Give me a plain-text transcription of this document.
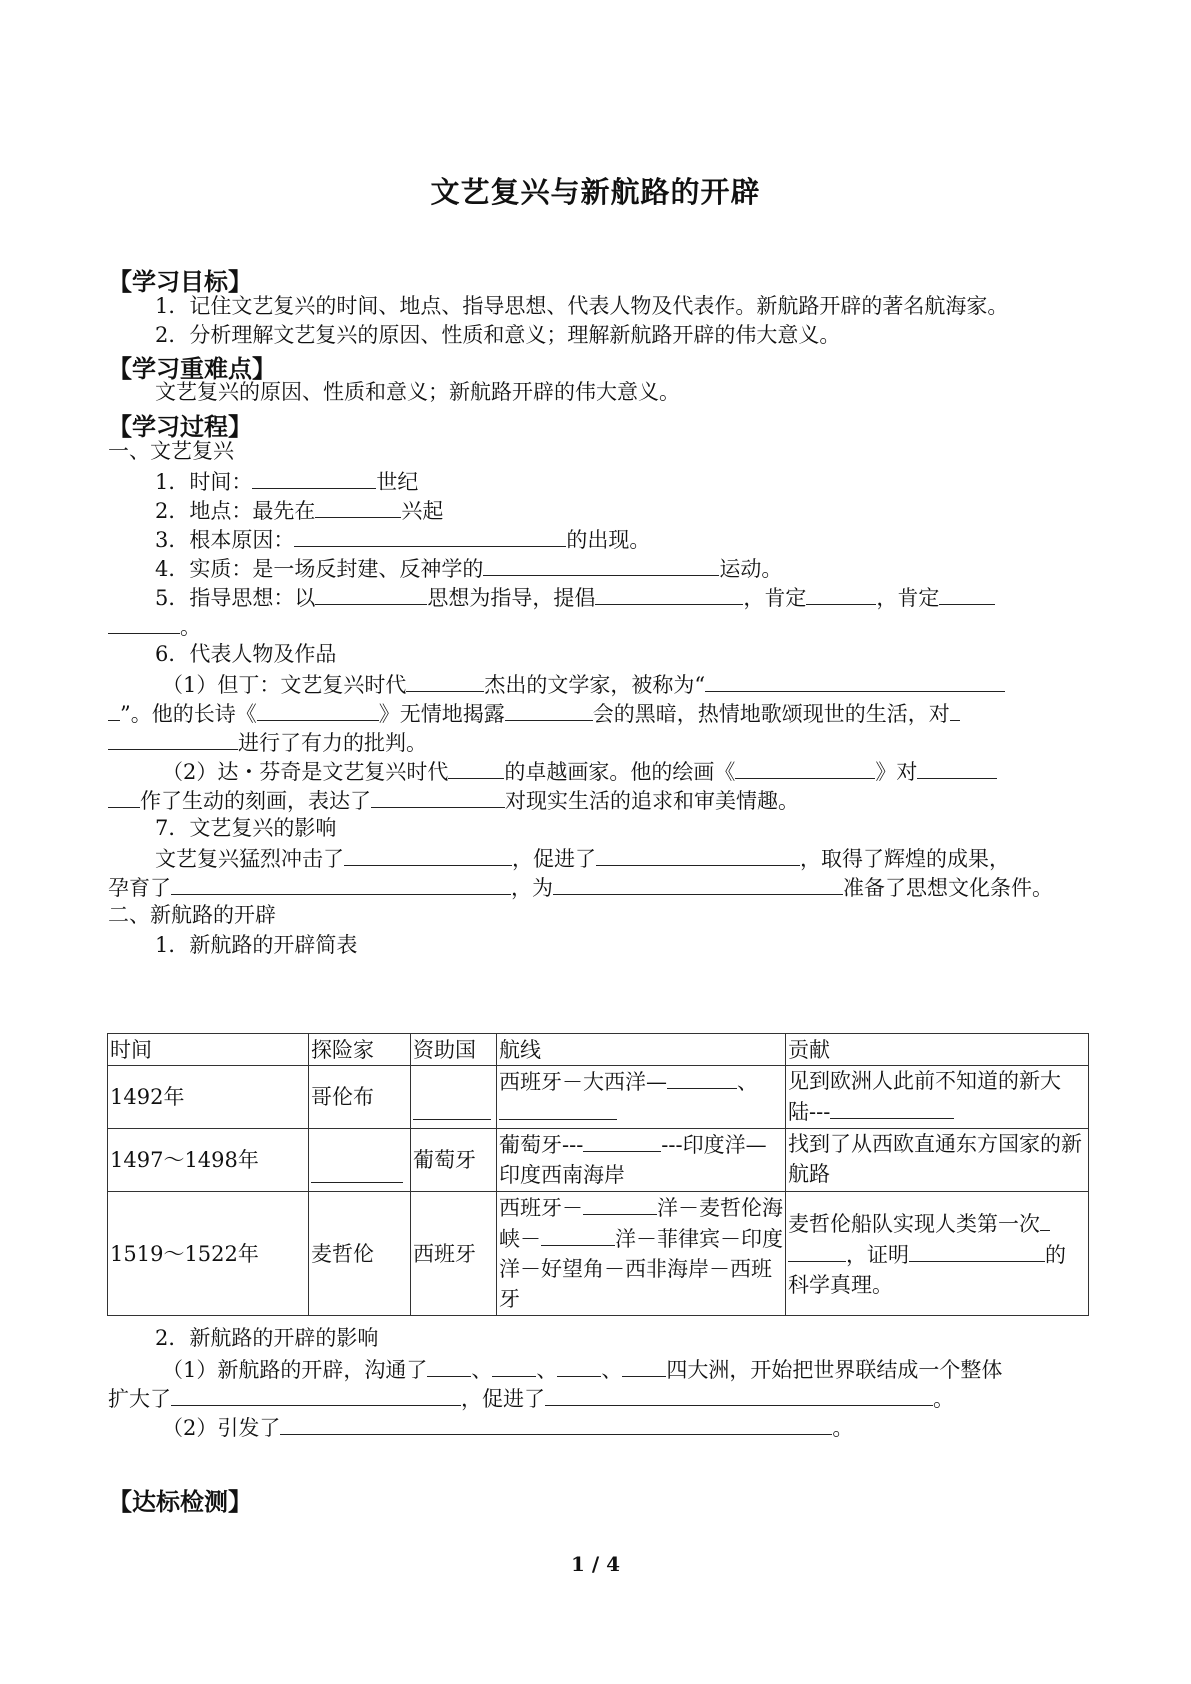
文艺复兴与新航路的开辟
【学习目标】
1．记住文艺复兴的时间、地点、指导思想、代表人物及代表作。新航路开辟的著名航海家。
2．分析理解文艺复兴的原因、性质和意义；理解新航路开辟的伟大意义。
【学习重难点】
文艺复兴的原因、性质和意义；新航路开辟的伟大意义。
【学习过程】
一、文艺复兴
1．时间：	世纪
2．地点：最先在	兴起
3．根本原因：	的出现。
4．实质：是一场反封建、反神学的	运动。
5．指导思想：以	思想为指导，提倡	，肯定	，肯定
。
6．代表人物及作品
（1）但丁：文艺复兴时代	杰出的文学家，被称为“
”。他的长诗《	》无情地揭露	会的黑暗，热情地歌颂现世的生活，对
进行了有力的批判。
（2）达・芬奇是文艺复兴时代	的卓越画家。他的绘画《	》对
作了生动的刻画，表达了	对现实生活的追求和审美情趣。
7．文艺复兴的影响
文艺复兴猛烈冲击了	，促进了	，取得了辉煌的成果，
孕育了	，为	准备了思想文化条件。
二、新航路的开辟
1．新航路的开辟简表
时间	探险家	资助国	航线	贡献
1492年	哥伦布		西班牙－大西洋— 、	见到欧洲人此前不知道的新大陆---
1497～1498年		葡萄牙	葡萄牙--- ---印度洋—印度西南海岸	找到了从西欧直通东方国家的新航路
1519～1522年	麦哲伦	西班牙	西班牙－ 洋－麦哲伦海峡－ 洋－菲律宾－印度洋－好望角－西非海岸－西班牙	麦哲伦船队实现人类第一次，证明 的科学真理。
2．新航路的开辟的影响
（1）新航路的开辟，沟通了 、 、 、 四大洲，开始把世界联结成一个整体
扩大了	，促进了	。
（2）引发了	。
【达标检测】
1 / 4
